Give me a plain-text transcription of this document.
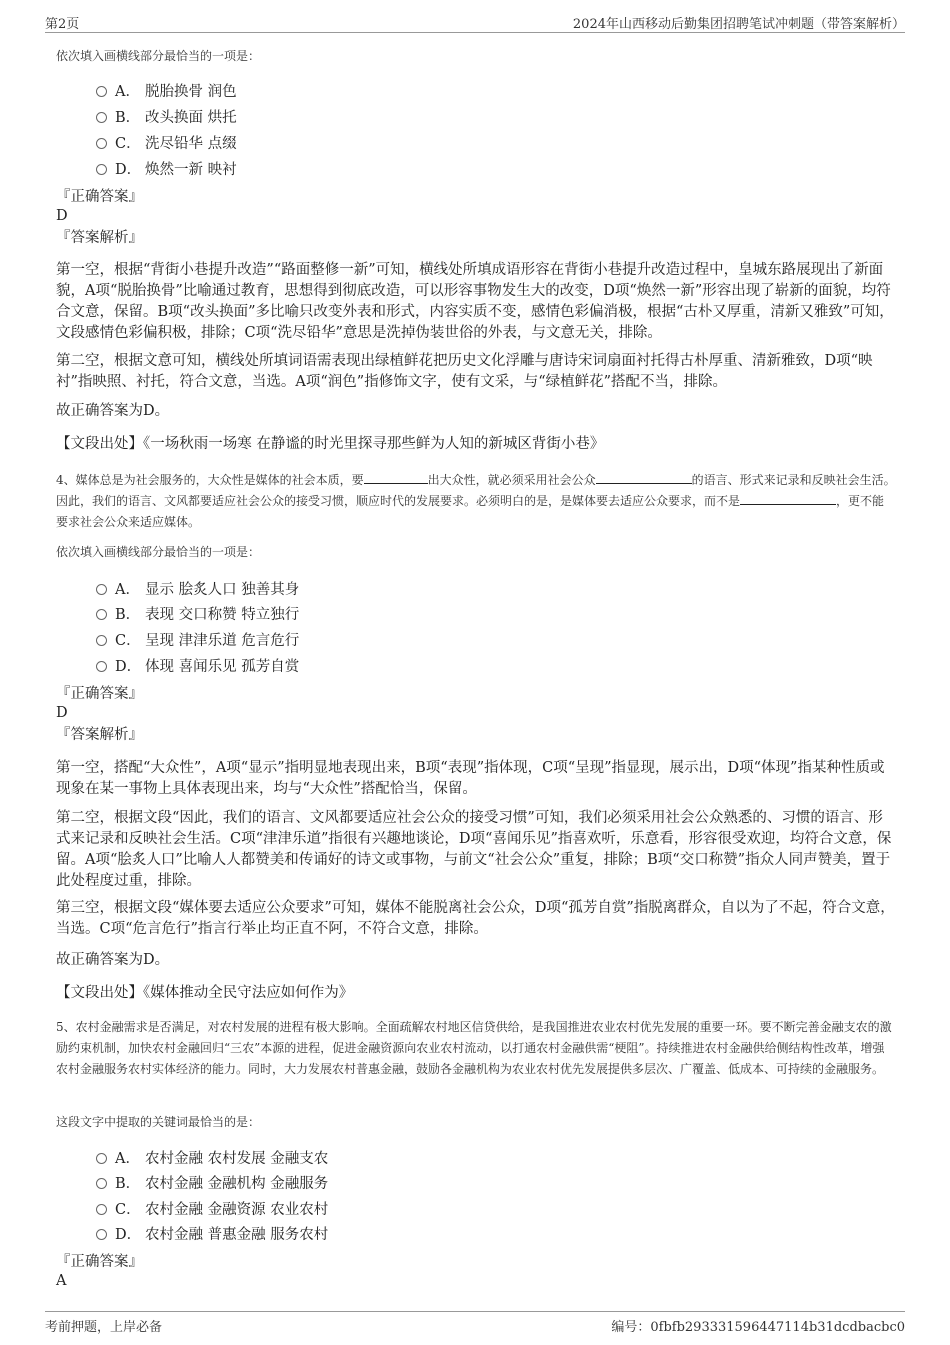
第2页	2024年山西移动后勤集团招聘笔试冲刺题（带答案解析）
依次填入画横线部分最恰当的一项是：
A． 脱胎换骨 润色
B． 改头换面 烘托
C． 洗尽铅华 点缀
D． 焕然一新 映衬
『正确答案』
D
『答案解析』
第一空，根据“背街小巷提升改造”“路面整修一新”可知，横线处所填成语形容在背街小巷提升改造过程中，皇城东路展现出了新面貌，A项“脱胎换骨”比喻通过教育，思想得到彻底改造，可以形容事物发生大的改变，D项“焕然一新”形容出现了崭新的面貌，均符合文意，保留。B项“改头换面”多比喻只改变外表和形式，内容实质不变，感情色彩偏消极，根据“古朴又厚重，清新又雅致”可知，文段感情色彩偏积极，排除；C项“洗尽铅华”意思是洗掉伪装世俗的外表，与文意无关，排除。
第二空，根据文意可知，横线处所填词语需表现出绿植鲜花把历史文化浮雕与唐诗宋词扇面衬托得古朴厚重、清新雅致，D项“映衬”指映照、衬托，符合文意，当选。A项“润色”指修饰文字，使有文采，与“绿植鲜花”搭配不当，排除。
故正确答案为D。
【文段出处】《一场秋雨一场寒 在静谧的时光里探寻那些鲜为人知的新城区背街小巷》
4、媒体总是为社会服务的，大众性是媒体的社会本质，要	出大众性，就必须采用社会公众	的语言、形式来记录和反映社会生活。因此，我们的语言、文风都要适应社会公众的接受习惯，顺应时代的发展要求。必须明白的是，是媒体要去适应公众要求，而不是	，更不能要求社会公众来适应媒体。
依次填入画横线部分最恰当的一项是：
A． 显示 脍炙人口 独善其身
B． 表现 交口称赞 特立独行
C． 呈现 津津乐道 危言危行
D． 体现 喜闻乐见 孤芳自赏
『正确答案』
D
『答案解析』
第一空，搭配“大众性”，A项“显示”指明显地表现出来，B项“表现”指体现，C项“呈现”指显现，展示出，D项“体现”指某种性质或现象在某一事物上具体表现出来，均与“大众性”搭配恰当，保留。
第二空，根据文段“因此，我们的语言、文风都要适应社会公众的接受习惯”可知，我们必须采用社会公众熟悉的、习惯的语言、形式来记录和反映社会生活。C项“津津乐道”指很有兴趣地谈论，D项“喜闻乐见”指喜欢听，乐意看，形容很受欢迎，均符合文意，保留。A项“脍炙人口”比喻人人都赞美和传诵好的诗文或事物，与前文“社会公众”重复，排除；B项“交口称赞”指众人同声赞美，置于此处程度过重，排除。
第三空，根据文段“媒体要去适应公众要求”可知，媒体不能脱离社会公众，D项“孤芳自赏”指脱离群众，自以为了不起，符合文意，当选。C项“危言危行”指言行举止均正直不阿，不符合文意，排除。
故正确答案为D。
【文段出处】《媒体推动全民守法应如何作为》
5、农村金融需求是否满足，对农村发展的进程有极大影响。全面疏解农村地区信贷供给，是我国推进农业农村优先发展的重要一环。要不断完善金融支农的激励约束机制，加快农村金融回归“三农”本源的进程，促进金融资源向农业农村流动，以打通农村金融供需“梗阻”。持续推进农村金融供给侧结构性改革，增强农村金融服务农村实体经济的能力。同时，大力发展农村普惠金融，鼓励各金融机构为农业农村优先发展提供多层次、广覆盖、低成本、可持续的金融服务。
这段文字中提取的关键词最恰当的是：
A． 农村金融 农村发展 金融支农
B． 农村金融 金融机构 金融服务
C． 农村金融 金融资源 农业农村
D． 农村金融 普惠金融 服务农村
『正确答案』
A
考前押题，上岸必备	编号：0fbfb293331596447114b31dcdbacbc0
